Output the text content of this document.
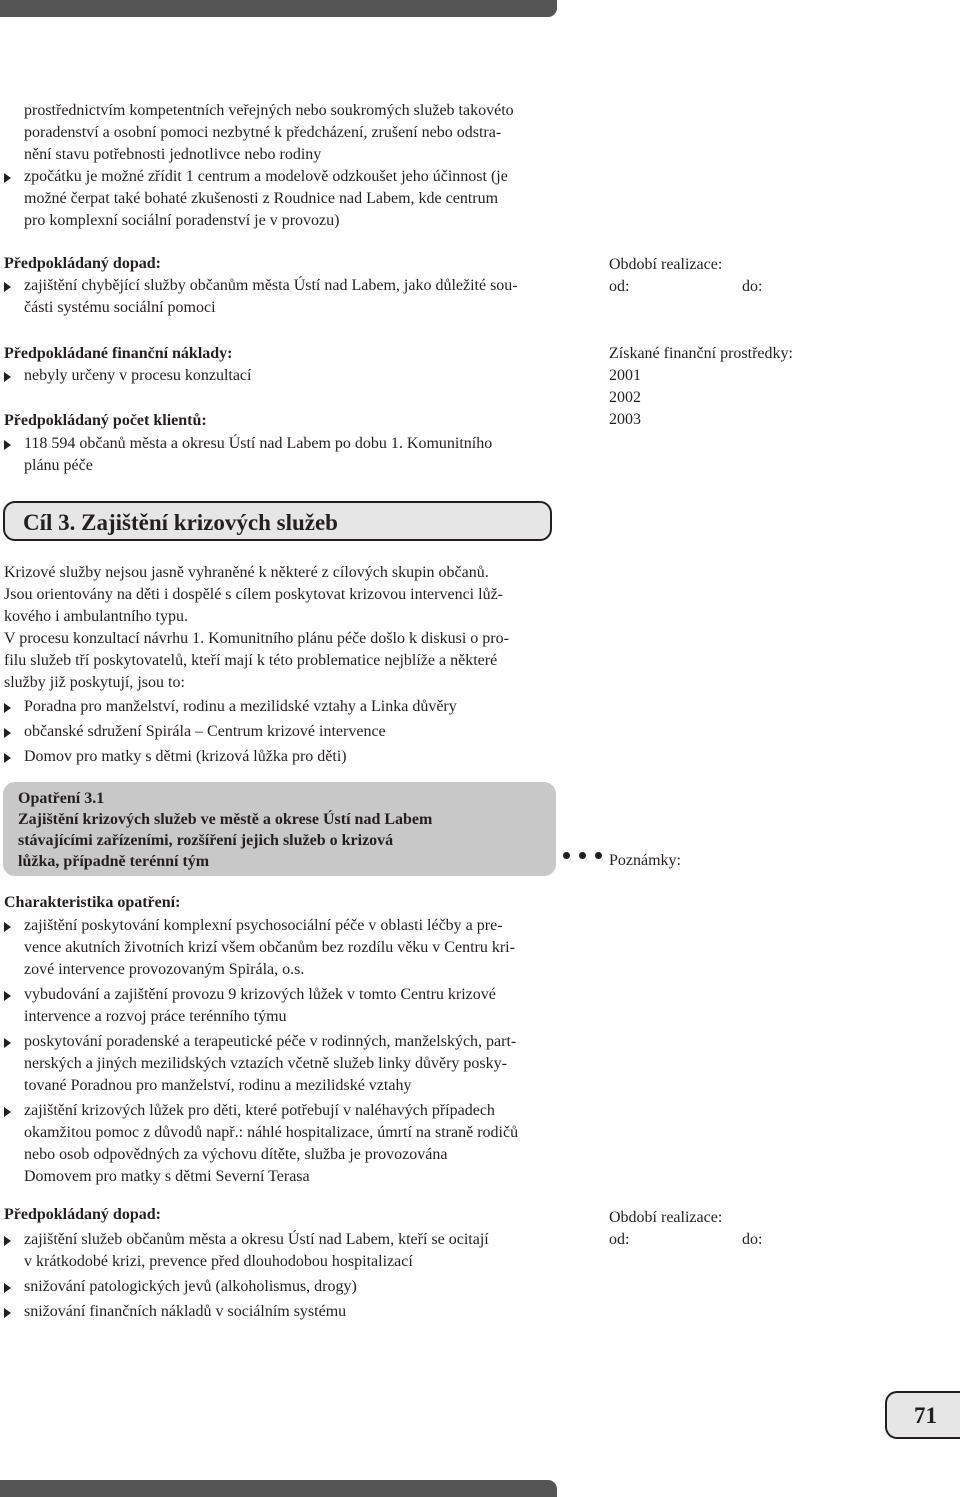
prostřednictvím kompetentních veřejných nebo soukromých služeb takovéto

poradenství a osobní pomoci nezbytné k předcházení, zrušení nebo odstra-

nění stavu potřebnosti jednotlivce nebo rodiny

zpočátku je možné zřídit 1 centrum a modelově odzkoušet jeho účinnost (je
možné čerpat také bohaté zkušenosti z Roudnice nad Labem, kde centrum
pro komplexní sociální poradenství je v provozu)

Předpokládaný dopad:

zajištění chybějící služby občanům města Ústí nad Labem, jako důležité sou-
části systému sociální pomoci

Předpokládané finanční náklady:

nebyly určeny v procesu konzultací

Předpokládaný počet klientů:

118 594 občanů města a okresu Ústí nad Labem po dobu 1. Komunitního
plánu péče
Období realizace:
od:	do:
Získané finanční prostředky:
2001
2002
2003
Cíl 3. Zajištění krizových služeb

Krizové služby nejsou jasně vyhraněné k některé z cílových skupin občanů.

Jsou orientovány na děti i dospělé s cílem poskytovat krizovou intervenci lůž-

kového i ambulantního typu.

V procesu konzultací návrhu 1. Komunitního plánu péče došlo k diskusi o pro-

filu služeb tří poskytovatelů, kteří mají k této problematice nejblíže a některé

služby již poskytují, jsou to:

Poradna pro manželství, rodinu a mezilidské vztahy a Linka důvěry
občanské sdružení Spirála – Centrum krizové intervence
Domov pro matky s dětmi (krizová lůžka pro děti)
Opatření 3.1
Zajištění krizových služeb ve městě a okrese Ústí nad Labem
stávajícími zařízeními, rozšíření jejich služeb o krizová
lůžka, případně terénní tým	Poznámky:

Charakteristika opatření:

zajištění poskytování komplexní psychosociální péče v oblasti léčby a pre-
vence akutních životních krizí všem občanům bez rozdílu věku v Centru kri-
zové intervence provozovaným Spirála, o.s.
vybudování a zajištění provozu 9 krizových lůžek v tomto Centru krizové
intervence a rozvoj práce terénního týmu
poskytování poradenské a terapeutické péče v rodinných, manželských, part-
nerských a jiných mezilidských vztazích včetně služeb linky důvěry posky-
tované Poradnou pro manželství, rodinu a mezilidské vztahy
zajištění krizových lůžek pro děti, které potřebují v naléhavých případech
okamžitou pomoc z důvodů např.: náhlé hospitalizace, úmrtí na straně rodičů
nebo osob odpovědných za výchovu dítěte, služba je provozována
Domovem pro matky s dětmi Severní Terasa

Předpokládaný dopad:

zajištění služeb občanům města a okresu Ústí nad Labem, kteří se ocitají
v krátkodobé krizi, prevence před dlouhodobou hospitalizací
snižování patologických jevů (alkoholismus, drogy)
snižování finančních nákladů v sociálním systému
Období realizace:
od:	do:
71
